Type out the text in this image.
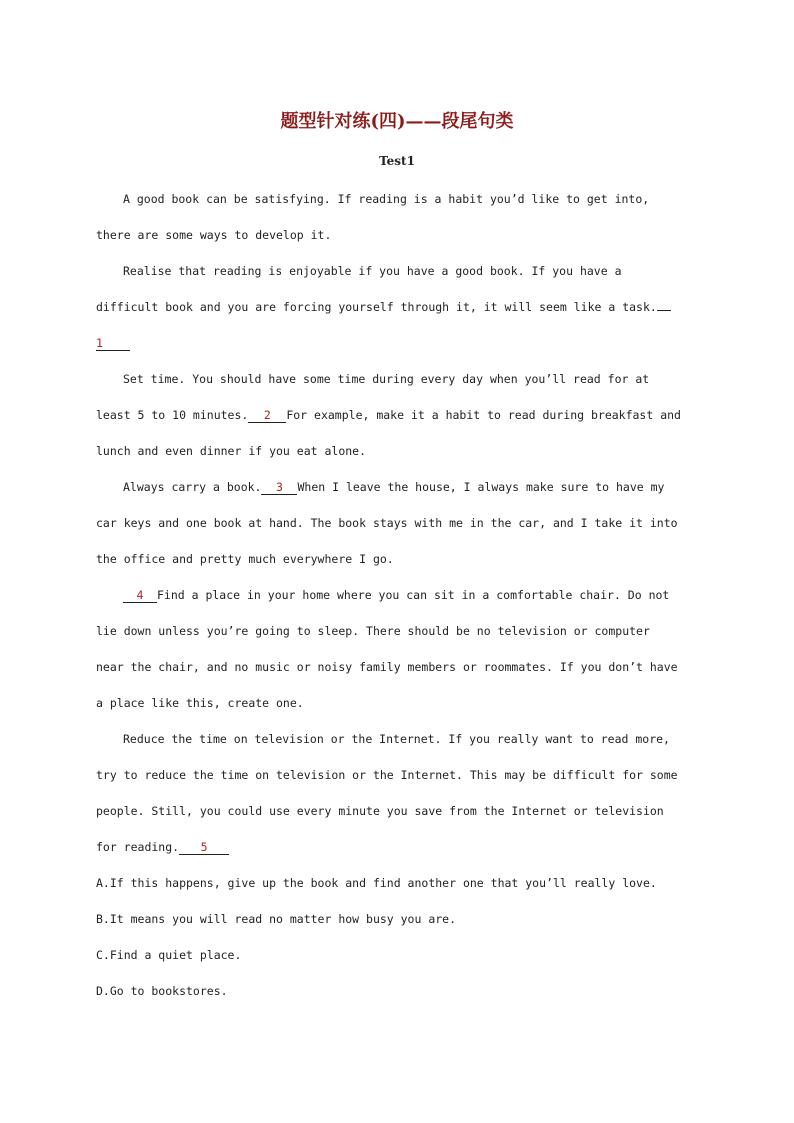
题型针对练(四)——段尾句类
Test1
A good book can be satisfying. If reading is a habit you’d like to get into,
there are some ways to develop it.
Realise that reading is enjoyable if you have a good book. If you have a
difficult book and you are forcing yourself through it, it will seem like a task.
1
Set time. You should have some time during every day when you’ll read for at
least 5 to 10 minutes. 2 For example, make it a habit to read during breakfast and
lunch and even dinner if you eat alone.
Always carry a book. 3 When I leave the house, I always make sure to have my
car keys and one book at hand. The book stays with me in the car, and I take it into
the office and pretty much everywhere I go.
4 Find a place in your home where you can sit in a comfortable chair. Do not
lie down unless you’re going to sleep. There should be no television or computer
near the chair, and no music or noisy family members or roommates. If you don’t have
a place like this, create one.
Reduce the time on television or the Internet. If you really want to read more,
try to reduce the time on television or the Internet. This may be difficult for some
people. Still, you could use every minute you save from the Internet or television
for reading. 5
A.If this happens, give up the book and find another one that you’ll really love.
B.It means you will read no matter how busy you are.
C.Find a quiet place.
D.Go to bookstores.
